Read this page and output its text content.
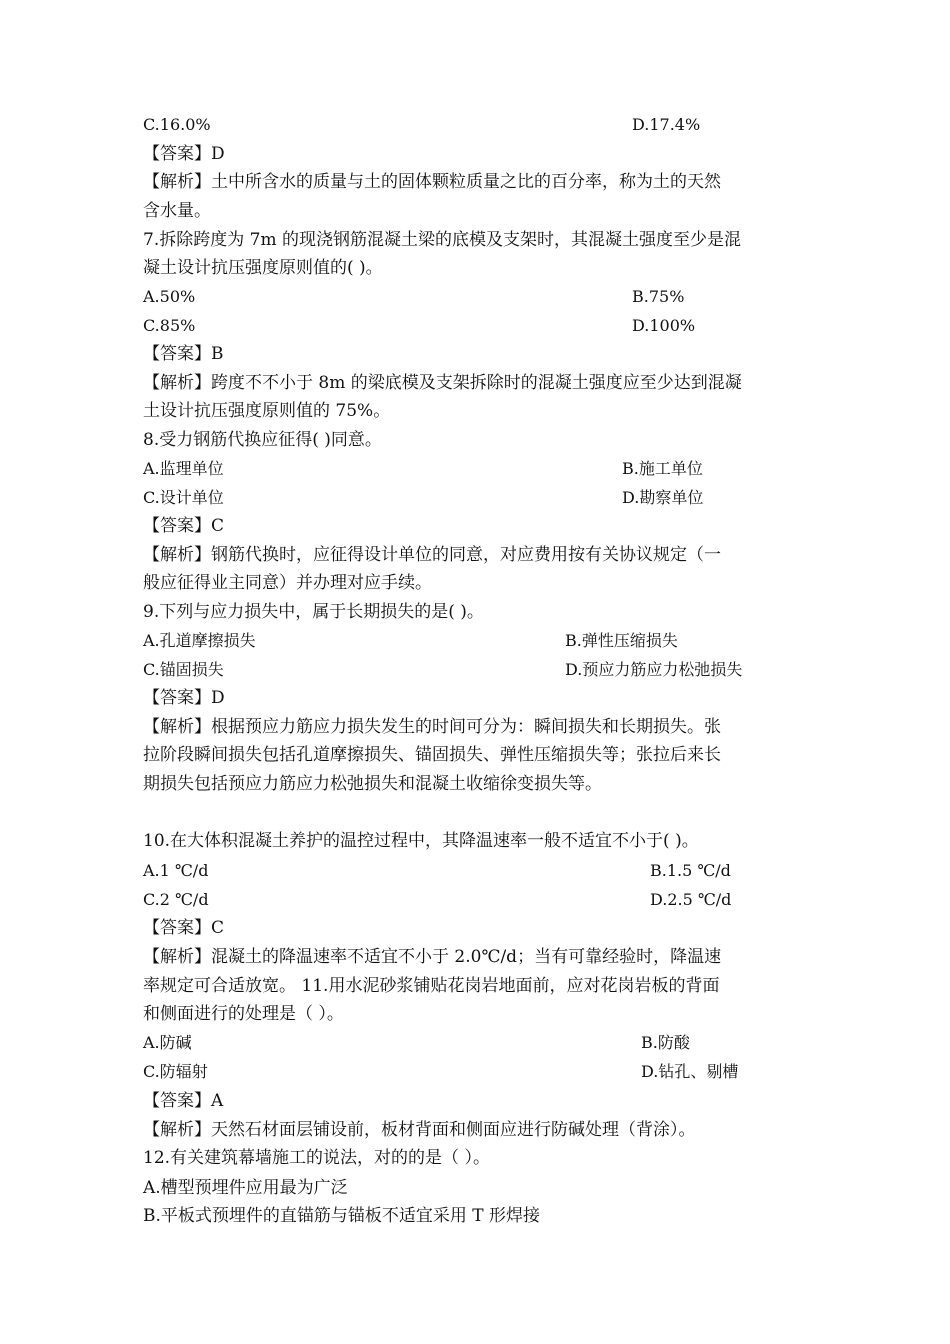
C.16.0%	D.17.4%
【答案】D
【解析】土中所含水的质量与土的固体颗粒质量之比的百分率，称为土的天然
含水量。
7.拆除跨度为 7m 的现浇钢筋混凝土梁的底模及支架时，其混凝土强度至少是混
凝土设计抗压强度原则值的( )。
A.50%	B.75%
C.85%	D.100%
【答案】B
【解析】跨度不不小于 8m 的梁底模及支架拆除时的混凝土强度应至少达到混凝
土设计抗压强度原则值的 75%。
8.受力钢筋代换应征得( )同意。
A.监理单位	B.施工单位
C.设计单位	D.勘察单位
【答案】C
【解析】钢筋代换时，应征得设计单位的同意，对应费用按有关协议规定（一
般应征得业主同意）并办理对应手续。
9.下列与应力损失中，属于长期损失的是( )。
A.孔道摩擦损失	B.弹性压缩损失
C.锚固损失	D.预应力筋应力松弛损失
【答案】D
【解析】根据预应力筋应力损失发生的时间可分为：瞬间损失和长期损失。张
拉阶段瞬间损失包括孔道摩擦损失、锚固损失、弹性压缩损失等；张拉后来长
期损失包括预应力筋应力松弛损失和混凝土收缩徐变损失等。
10.在大体积混凝土养护的温控过程中，其降温速率一般不适宜不小于( )。
A.1 ℃/d	B.1.5 ℃/d
C.2 ℃/d	D.2.5 ℃/d
【答案】C
【解析】混凝土的降温速率不适宜不小于 2.0℃/d；当有可靠经验时，降温速
率规定可合适放宽。 11.用水泥砂浆铺贴花岗岩地面前，应对花岗岩板的背面
和侧面进行的处理是（ ）。
A.防碱	B.防酸
C.防辐射	D.钻孔、剔槽
【答案】A
【解析】天然石材面层铺设前，板材背面和侧面应进行防碱处理（背涂）。
12.有关建筑幕墙施工的说法，对的的是（ ）。
A.槽型预埋件应用最为广泛
B.平板式预埋件的直锚筋与锚板不适宜采用 T 形焊接
